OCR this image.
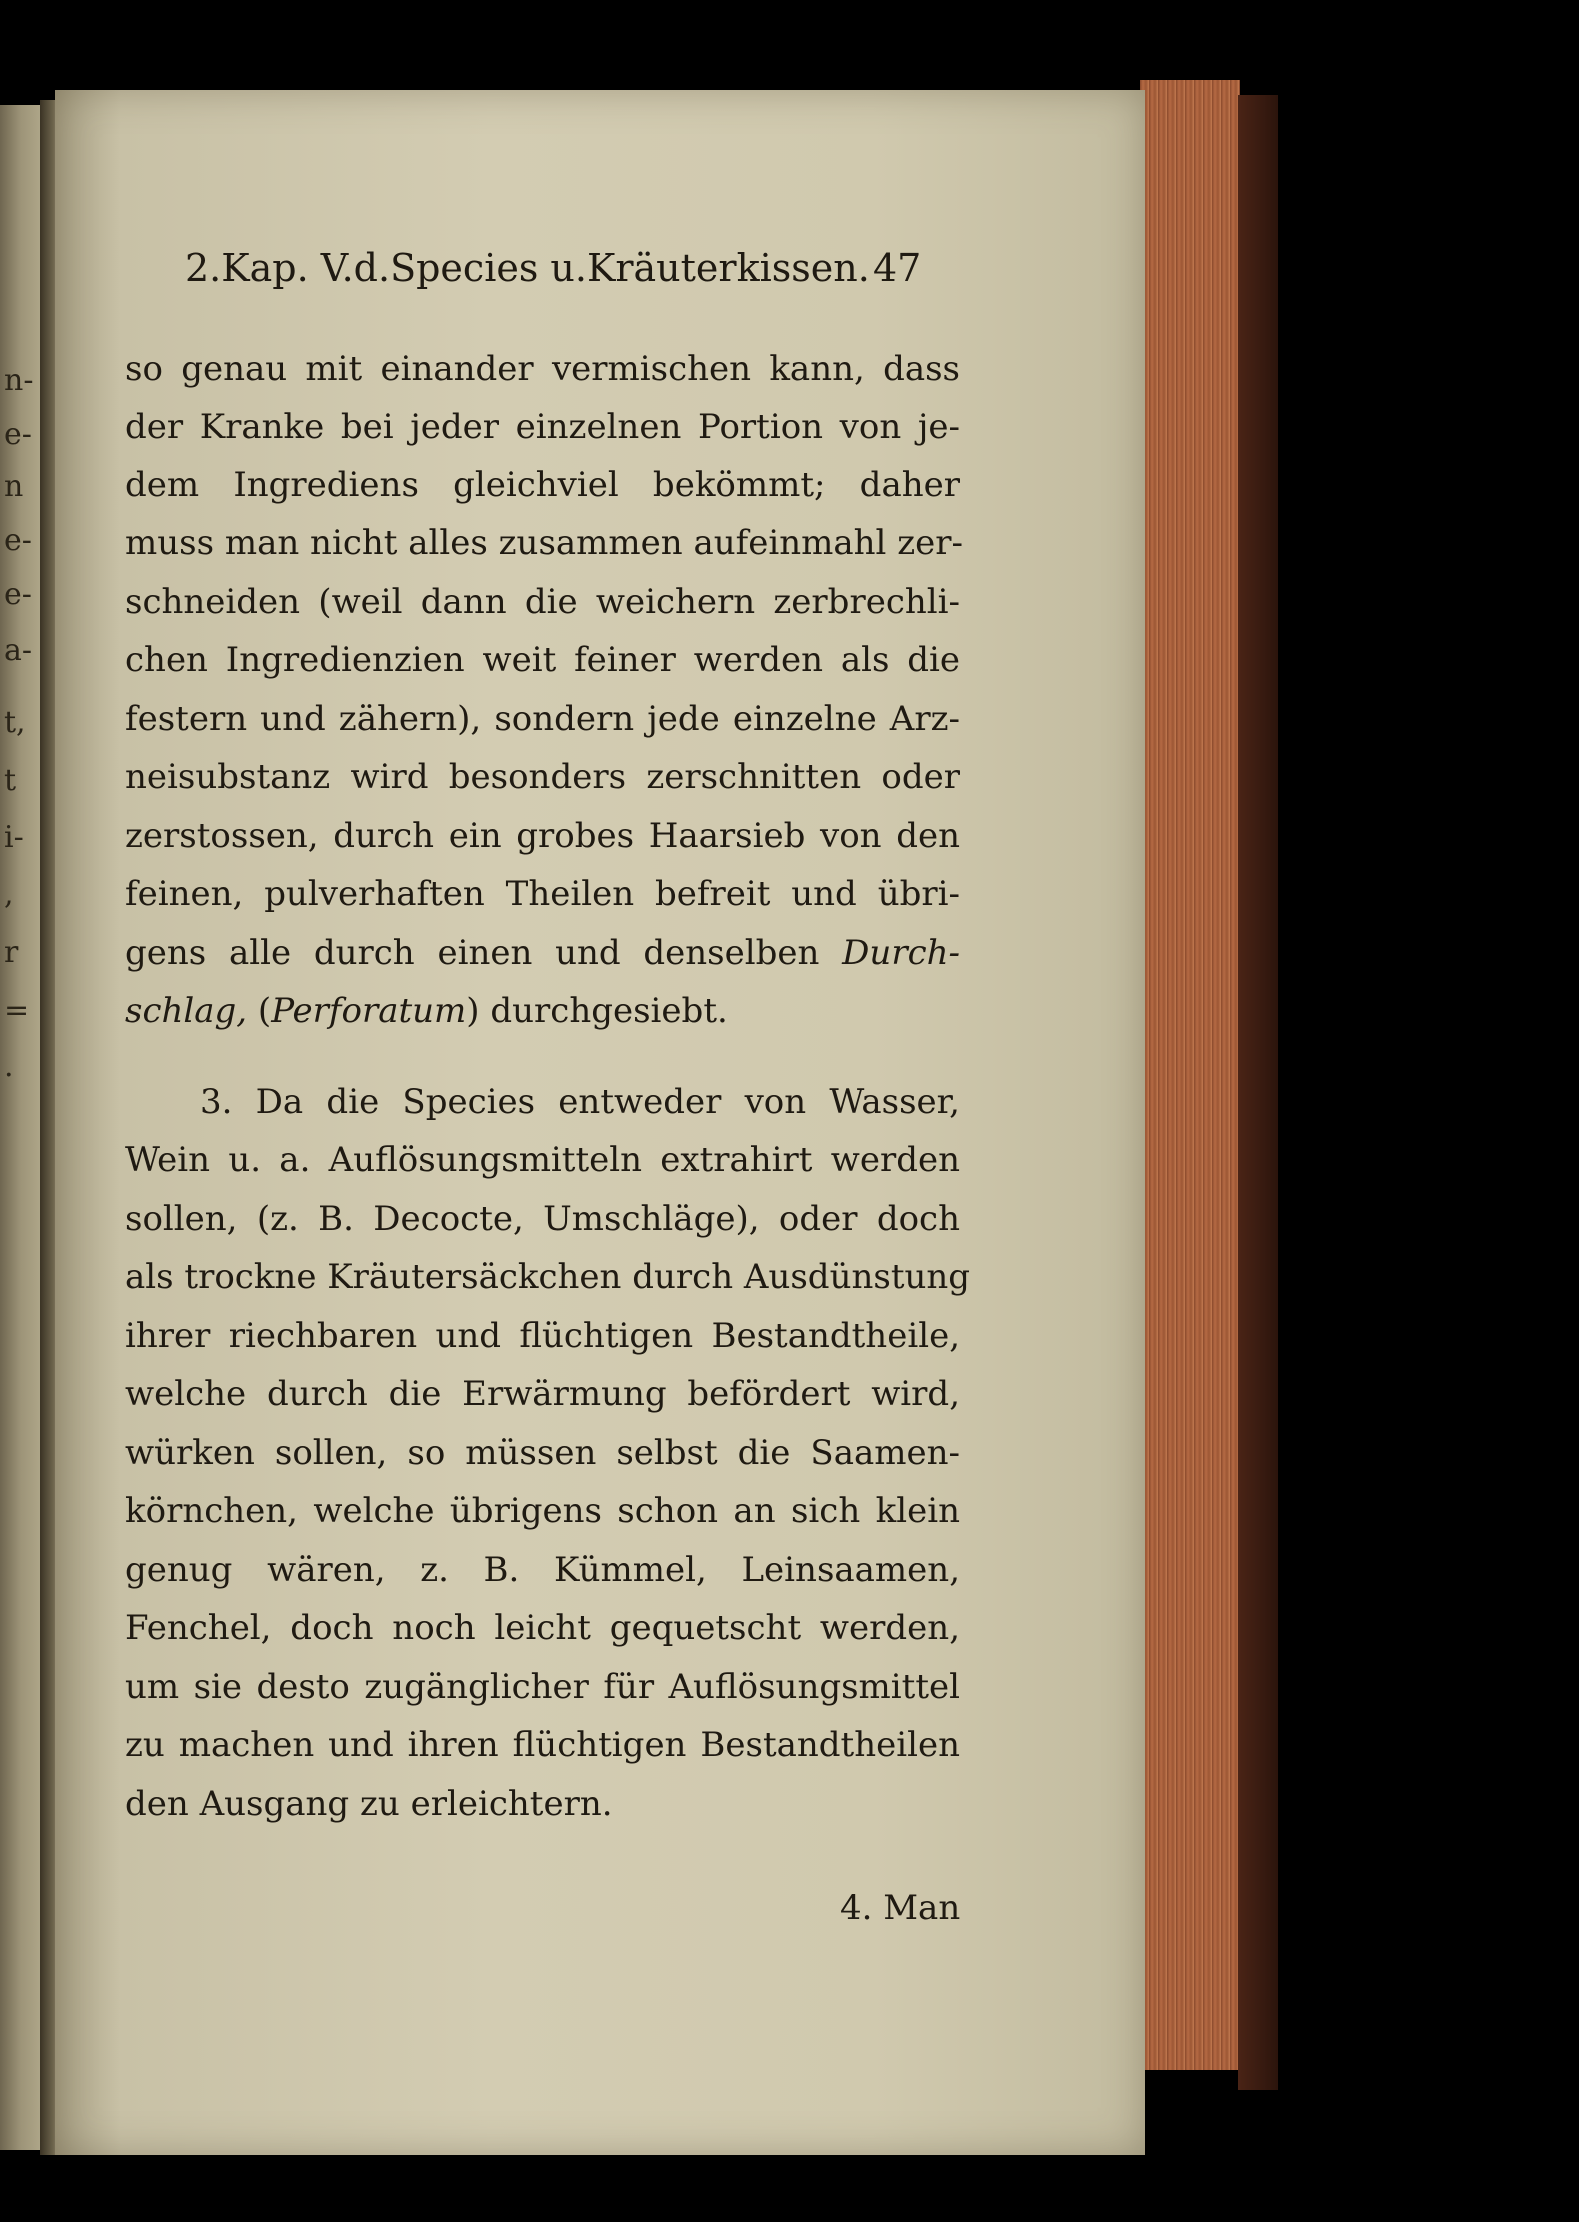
n-
e-
n
e-
e-
a-
t,
t
i-
,
r
=
.
2.Kap. V.d.Species u.Kräuterkissen. 47
so genau mit einander vermischen kann, dass
der Kranke bei jeder einzelnen Portion von je-
dem Ingrediens gleichviel bekömmt; daher
muss man nicht alles zusammen aufeinmahl zer-
schneiden (weil dann die weichern zerbrechli-
chen Ingredienzien weit feiner werden als die
festern und zähern), sondern jede einzelne Arz-
neisubstanz wird besonders zerschnitten oder
zerstossen, durch ein grobes Haarsieb von den
feinen, pulverhaften Theilen befreit und übri-
gens alle durch einen und denselben Durch-
schlag, (Perforatum) durchgesiebt.
3. Da die Species entweder von Wasser,
Wein u. a. Auflösungsmitteln extrahirt werden
sollen, (z. B. Decocte, Umschläge), oder doch
als trockne Kräutersäckchen durch Ausdünstung
ihrer riechbaren und flüchtigen Bestandtheile,
welche durch die Erwärmung befördert wird,
würken sollen, so müssen selbst die Saamen-
körnchen, welche übrigens schon an sich klein
genug wären, z. B. Kümmel, Leinsaamen,
Fenchel, doch noch leicht gequetscht werden,
um sie desto zugänglicher für Auflösungsmittel
zu machen und ihren flüchtigen Bestandtheilen
den Ausgang zu erleichtern.
4. Man
